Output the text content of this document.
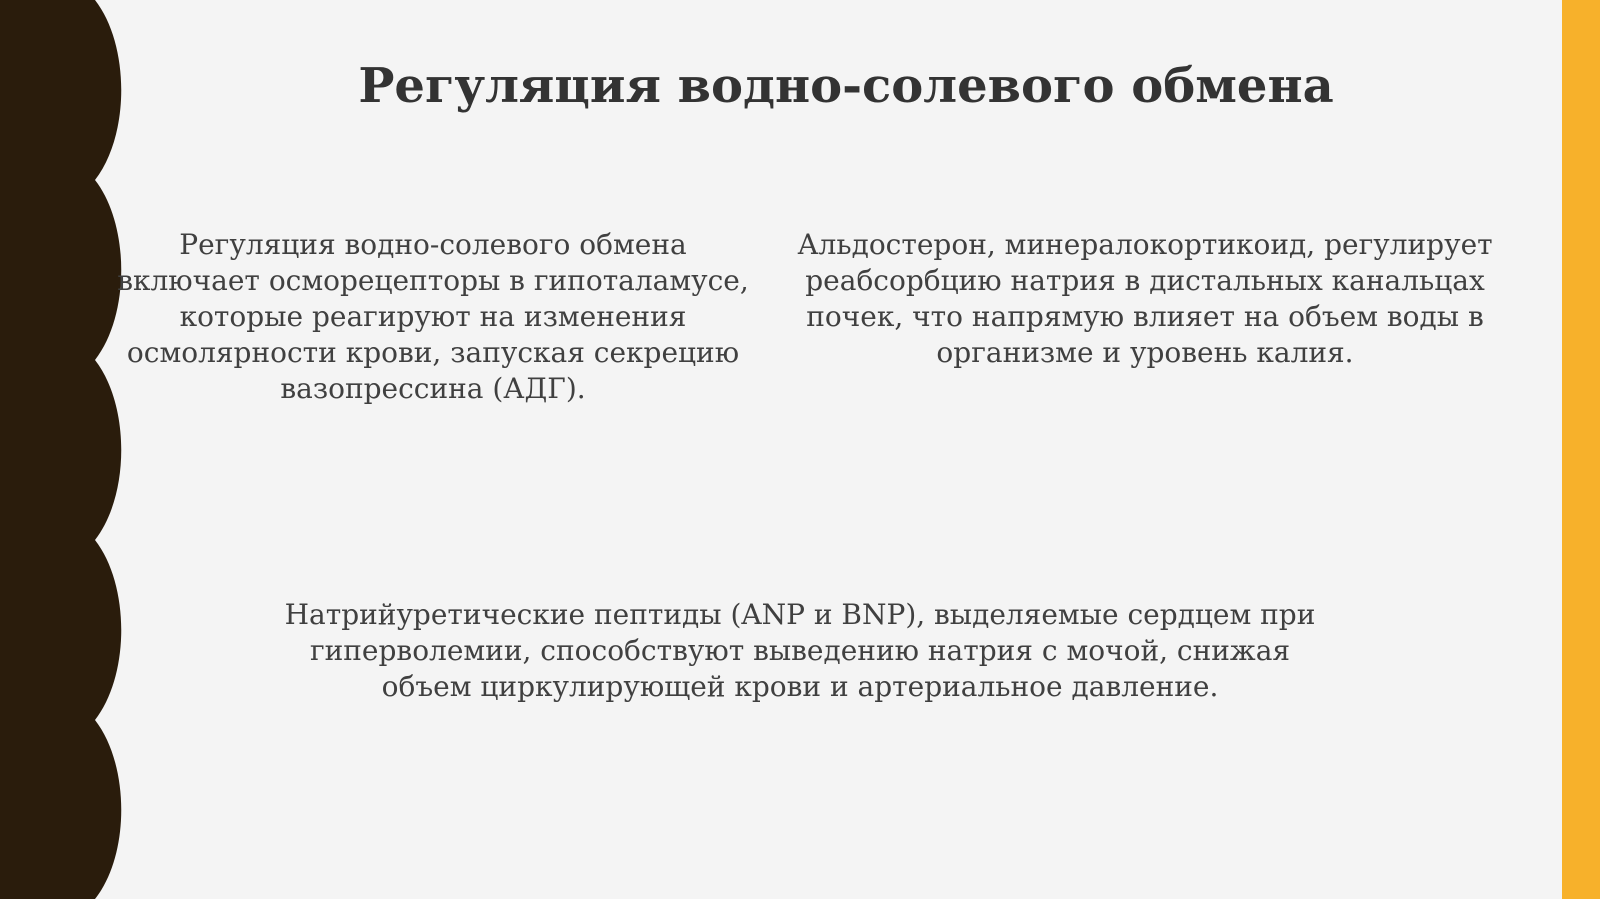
Регуляция водно-солевого обмена

Регуляция водно-солевого обмена включает осморецепторы в гипоталамусе, которые реагируют на изменения осмолярности крови, запуская секрецию вазопрессина (АДГ).

Альдостерон, минералокортикоид, регулирует реабсорбцию натрия в дистальных канальцах почек, что напрямую влияет на объем воды в организме и уровень калия.

Натрийуретические пептиды (ANP и BNP), выделяемые сердцем при гиперволемии, способствуют выведению натрия с мочой, снижая объем циркулирующей крови и артериальное давление.
